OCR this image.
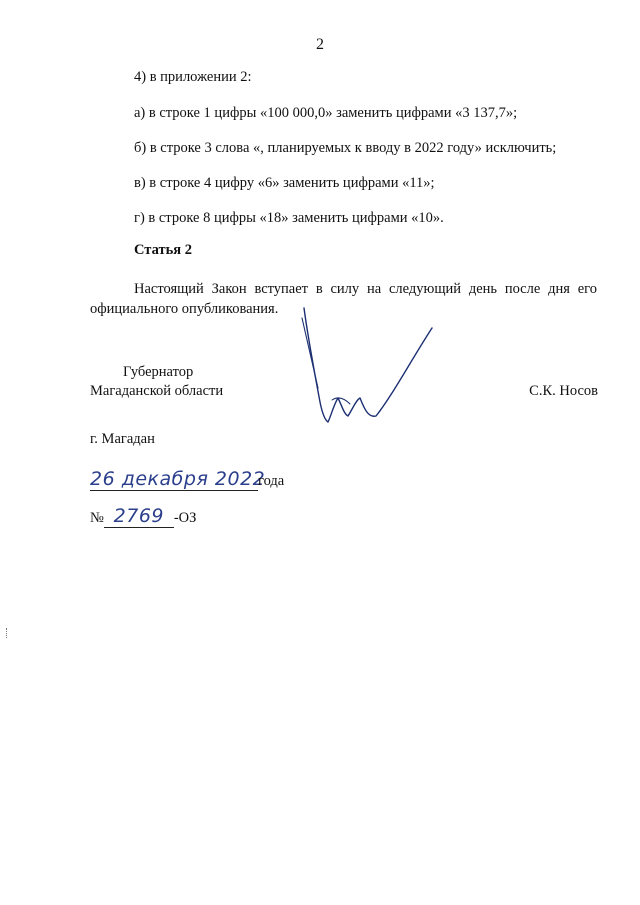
2
4) в приложении 2:
а) в строке 1 цифры «100 000,0» заменить цифрами «3 137,7»;
б) в строке 3 слова «, планируемых к вводу в 2022 году» исключить;
в) в строке 4 цифру «6» заменить цифрами «11»;
г) в строке 8 цифры «18» заменить цифрами «10».
Статья 2
Настоящий Закон вступает в силу на следующий день после дня его официального опубликования.
Губернатор
Магаданской области	С.К. Носов
г. Магадан
26 декабря 2022года
№ 2769 -ОЗ
